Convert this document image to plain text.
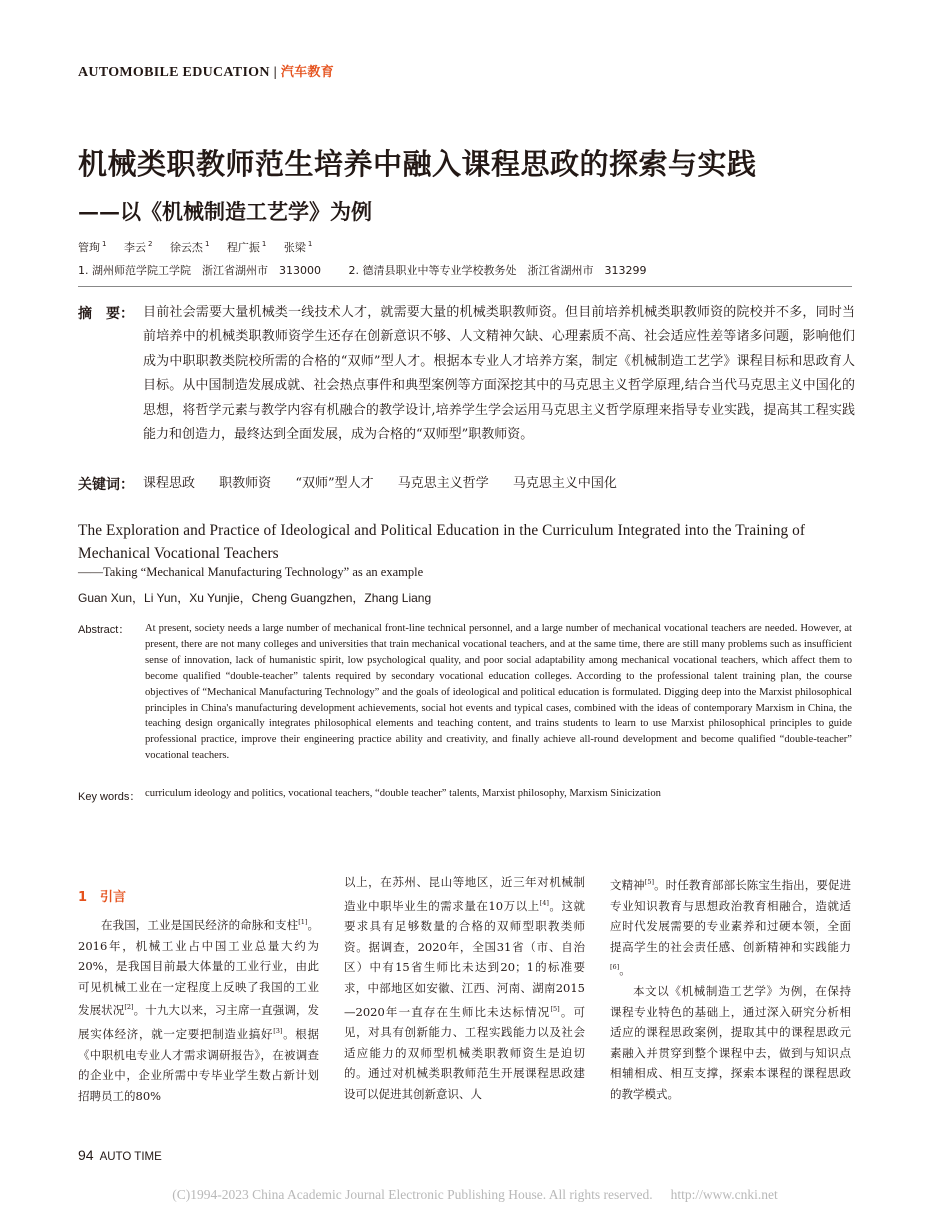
AUTOMOBILE EDUCATION | 汽车教育
机械类职教师范生培养中融入课程思政的探索与实践
——以《机械制造工艺学》为例
管珣 $^1$ 李云 $^2$ 徐云杰 $^1$ 程广振 $^1$ 张梁 $^1$
1. 湖州师范学院工学院　浙江省湖州市　313000	2. 德清县职业中等专业学校教务处　浙江省湖州市　313299
摘　要： 目前社会需要大量机械类一线技术人才，就需要大量的机械类职教师资。但目前培养机械类职教师资的院校并不多，同时当前培养中的机械类职教师资学生还存在创新意识不够、人文精神欠缺、心理素质不高、社会适应性差等诸多问题，影响他们成为中职职教类院校所需的合格的“双师”型人才。根据本专业人才培养方案，制定《机械制造工艺学》课程目标和思政育人目标。从中国制造发展成就、社会热点事件和典型案例等方面深挖其中的马克思主义哲学原理,结合当代马克思主义中国化的思想，将哲学元素与教学内容有机融合的教学设计,培养学生学会运用马克思主义哲学原理来指导专业实践，提高其工程实践能力和创造力，最终达到全面发展，成为合格的“双师型”职教师资。
关键词： 课程思政 职教师资 “双师”型人才 马克思主义哲学 马克思主义中国化
The Exploration and Practice of Ideological and Political Education in the Curriculum Integrated into the Training of Mechanical Vocational Teachers
——Taking “Mechanical Manufacturing Technology” as an example
Guan Xun，Li Yun，Xu Yunjie，Cheng Guangzhen，Zhang Liang
Abstract： At present, society needs a large number of mechanical front-line technical personnel, and a large number of mechanical vocational teachers are needed. However, at present, there are not many colleges and universities that train mechanical vocational teachers, and at the same time, there are still many problems such as insufficient sense of innovation, lack of humanistic spirit, low psychological quality, and poor social adaptability among mechanical vocational teachers, which affect them to become qualified “double-teacher” talents required by secondary vocational education colleges. According to the professional talent training plan, the course objectives of “Mechanical Manufacturing Technology” and the goals of ideological and political education is formulated. Digging deep into the Marxist philosophical principles in China's manufacturing development achievements, social hot events and typical cases, combined with the ideas of contemporary Marxism in China, the teaching design organically integrates philosophical elements and teaching content, and trains students to learn to use Marxist philosophical principles to guide professional practice, improve their engineering practice ability and creativity, and finally achieve all-round development and become qualified “double-teacher” vocational teachers.
Key words： curriculum ideology and politics, vocational teachers, “double teacher” talents, Marxist philosophy, Marxism Sinicization
1　引言

在我国，工业是国民经济的命脉和支柱[1]。2016年，机械工业占中国工业总量大约为20%，是我国目前最大体量的工业行业，由此可见机械工业在一定程度上反映了我国的工业发展状况[2]。十九大以来，习主席一直强调，发展实体经济，就一定要把制造业搞好[3]。根据《中职机电专业人才需求调研报告》，在被调查的企业中，企业所需中专毕业学生数占新计划招聘员工的80%

以上，在苏州、昆山等地区，近三年对机械制造业中职毕业生的需求量在10万以上[4]。这就要求具有足够数量的合格的双师型职教类师资。据调查，2020年，全国31省（市、自治区）中有15省生师比未达到20；1的标准要求，中部地区如安徽、江西、河南、湖南2015—2020年一直存在生师比未达标情况[5]。可见，对具有创新能力、工程实践能力以及社会适应能力的双师型机械类职教师资生是迫切的。通过对机械类职教师范生开展课程思政建设可以促进其创新意识、人

文精神[5]。时任教育部部长陈宝生指出，要促进专业知识教育与思想政治教育相融合，造就适应时代发展需要的专业素养和过硬本领，全面提高学生的社会责任感、创新精神和实践能力[6]。

本文以《机械制造工艺学》为例，在保持课程专业特色的基础上，通过深入研究分析相适应的课程思政案例，提取其中的课程思政元素融入并贯穿到整个课程中去，做到与知识点相辅相成、相互支撑，探索本课程的课程思政的教学模式。

94 AUTO TIME
(C)1994-2023 China Academic Journal Electronic Publishing House. All rights reserved. http://www.cnki.net
